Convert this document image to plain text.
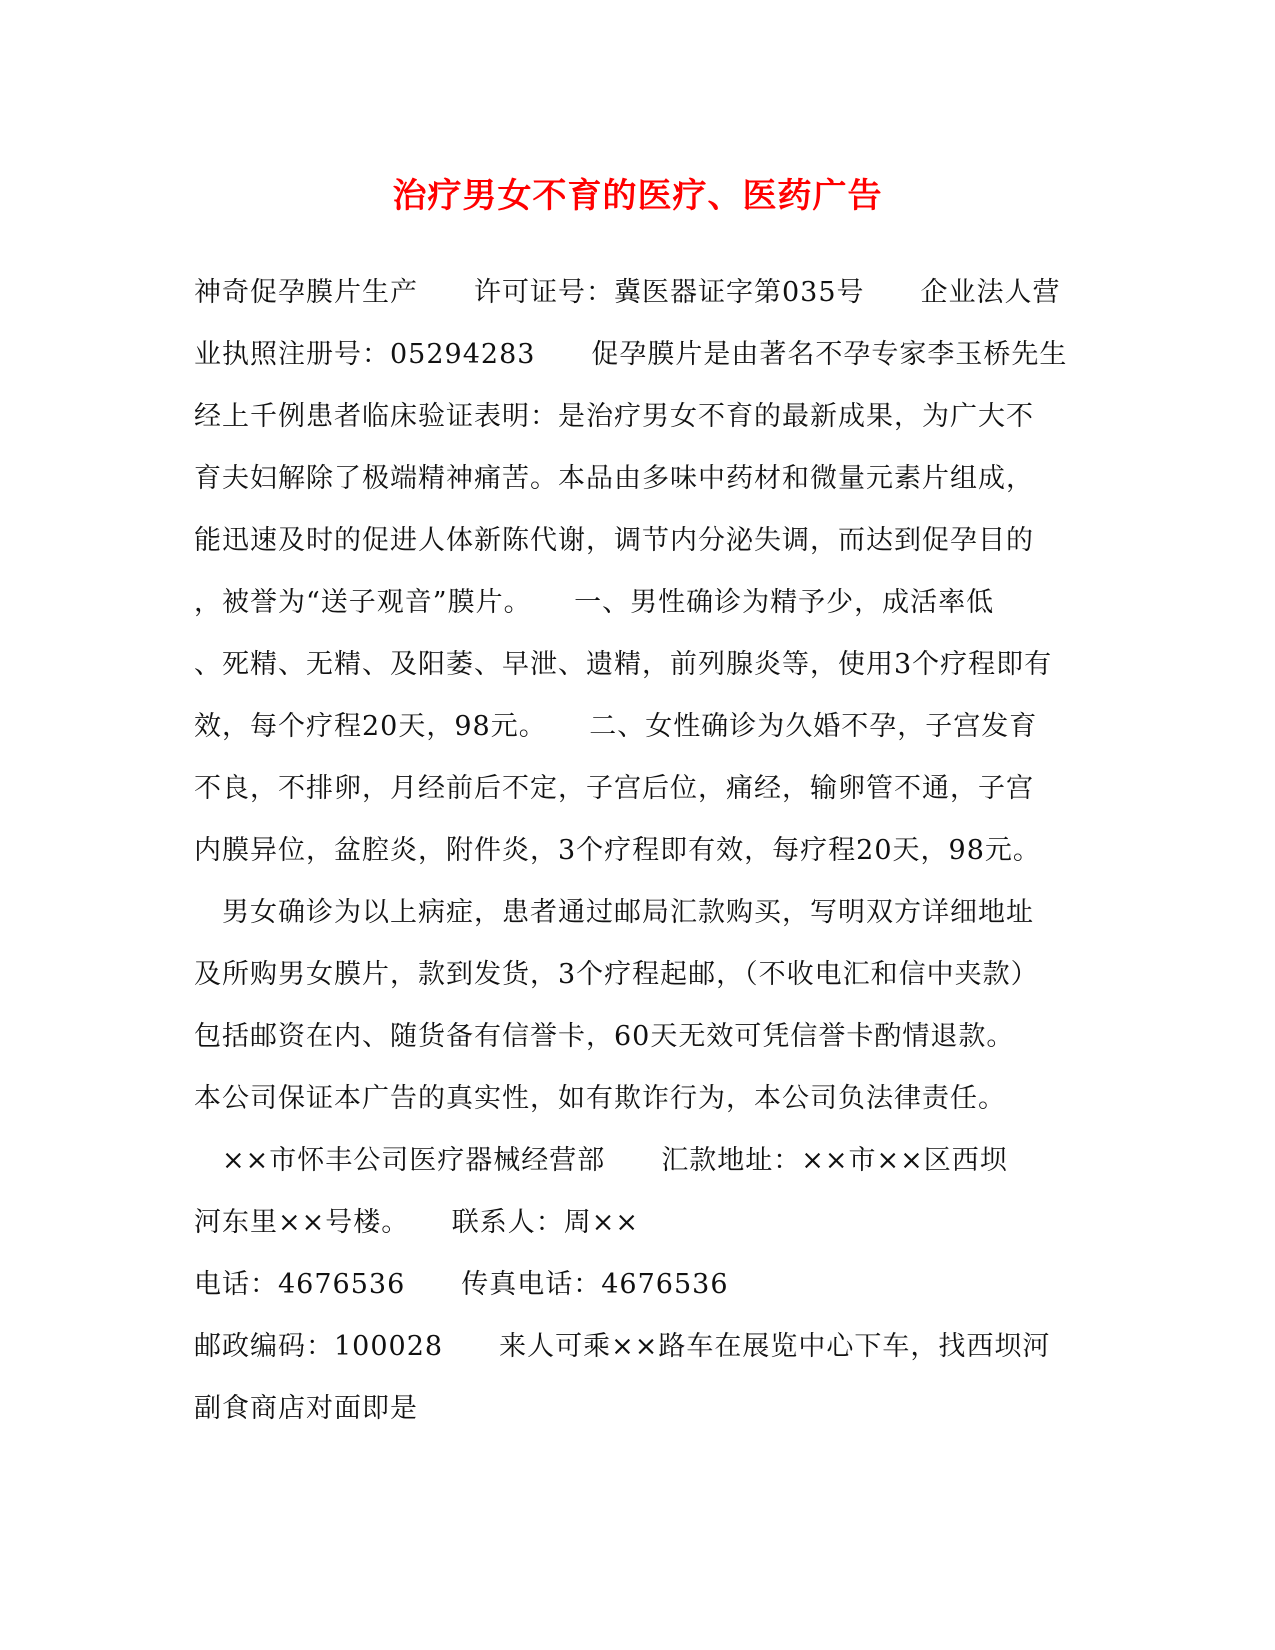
治疗男女不育的医疗、医药广告
神奇促孕膜片生产　　许可证号：冀医器证字第035号　　企业法人营
业执照注册号：05294283　　促孕膜片是由著名不孕专家李玉桥先生
经上千例患者临床验证表明：是治疗男女不育的最新成果，为广大不
育夫妇解除了极端精神痛苦。本品由多味中药材和微量元素片组成，
能迅速及时的促进人体新陈代谢，调节内分泌失调，而达到促孕目的
，被誉为“送子观音”膜片。　　一、男性确诊为精予少，成活率低
、死精、无精、及阳萎、早泄、遗精，前列腺炎等，使用3个疗程即有
效，每个疗程20天，98元。　　二、女性确诊为久婚不孕，子宫发育
不良，不排卵，月经前后不定，子宫后位，痛经，输卵管不通，子宫
内膜异位，盆腔炎，附件炎，3个疗程即有效，每疗程20天，98元。
　男女确诊为以上病症，患者通过邮局汇款购买，写明双方详细地址
及所购男女膜片，款到发货，3个疗程起邮，（不收电汇和信中夹款）
包括邮资在内、随货备有信誉卡，60天无效可凭信誉卡酌情退款。
本公司保证本广告的真实性，如有欺诈行为，本公司负法律责任。
　××市怀丰公司医疗器械经营部　　汇款地址：××市××区西坝
河东里××号楼。　　联系人：周××
电话：4676536　　传真电话：4676536
邮政编码：100028　　来人可乘××路车在展览中心下车，找西坝河
副食商店对面即是
